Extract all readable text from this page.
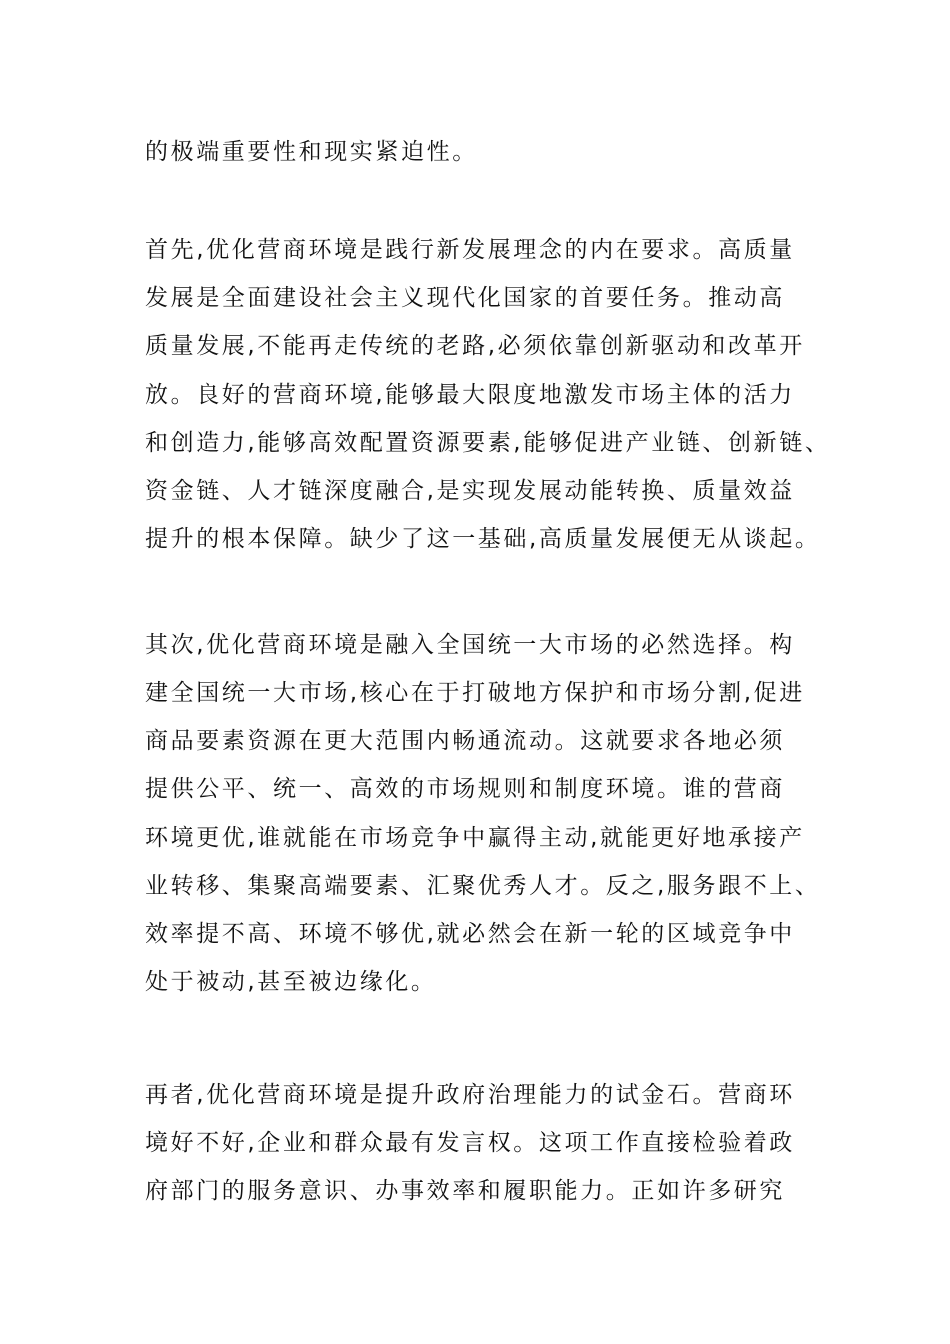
的极端重要性和现实紧迫性。
首先,优化营商环境是践行新发展理念的内在要求。高质量
发展是全面建设社会主义现代化国家的首要任务。推动高
质量发展,不能再走传统的老路,必须依靠创新驱动和改革开
放。良好的营商环境,能够最大限度地激发市场主体的活力
和创造力,能够高效配置资源要素,能够促进产业链、创新链、
资金链、人才链深度融合,是实现发展动能转换、质量效益
提升的根本保障。缺少了这一基础,高质量发展便无从谈起。
其次,优化营商环境是融入全国统一大市场的必然选择。构
建全国统一大市场,核心在于打破地方保护和市场分割,促进
商品要素资源在更大范围内畅通流动。这就要求各地必须
提供公平、统一、高效的市场规则和制度环境。谁的营商
环境更优,谁就能在市场竞争中赢得主动,就能更好地承接产
业转移、集聚高端要素、汇聚优秀人才。反之,服务跟不上、
效率提不高、环境不够优,就必然会在新一轮的区域竞争中
处于被动,甚至被边缘化。
再者,优化营商环境是提升政府治理能力的试金石。营商环
境好不好,企业和群众最有发言权。这项工作直接检验着政
府部门的服务意识、办事效率和履职能力。正如许多研究
